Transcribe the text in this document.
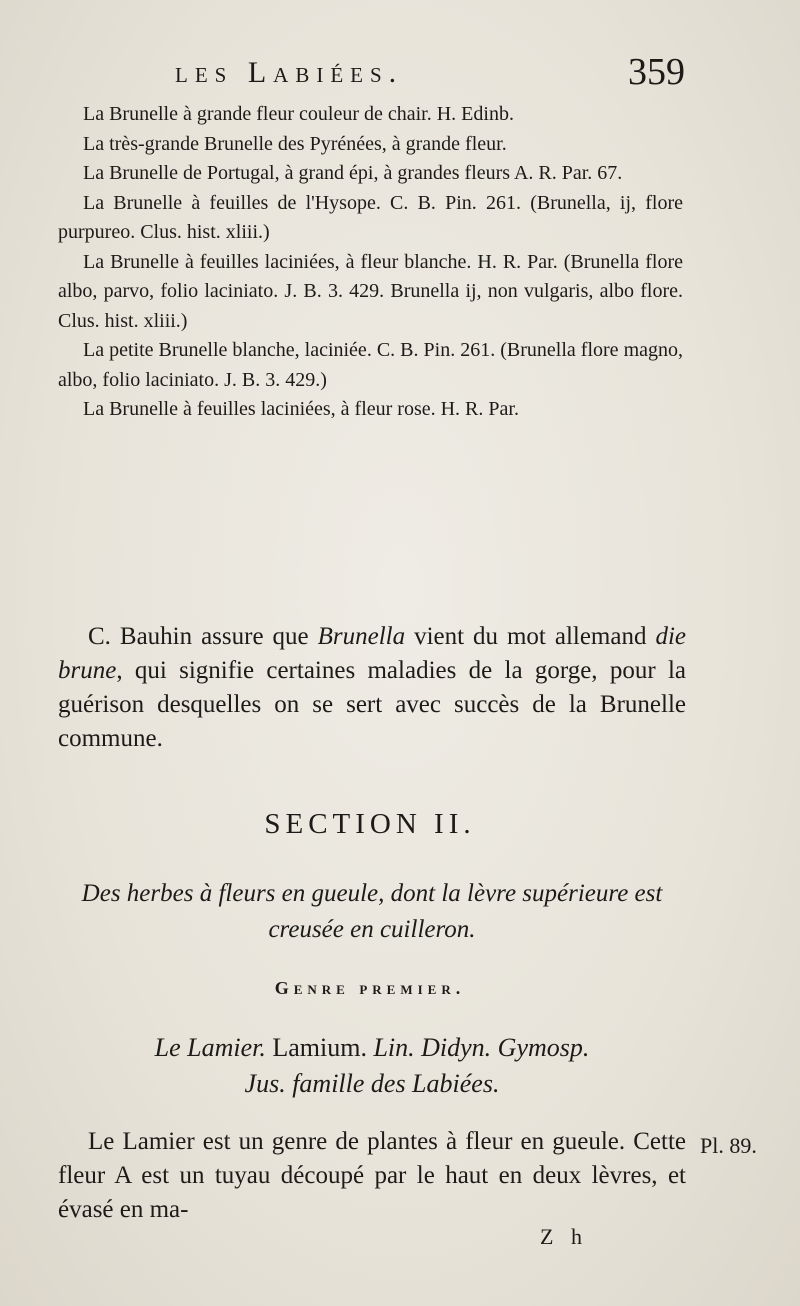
les Labiées.	359

La Brunelle à grande fleur couleur de chair. H. Edinb.

La très-grande Brunelle des Pyrénées, à grande fleur.

La Brunelle de Portugal, à grand épi, à grandes fleurs A. R. Par. 67.

La Brunelle à feuilles de l'Hysope. C. B. Pin. 261. (Brunella, ij, flore purpureo. Clus. hist. xliii.)

La Brunelle à feuilles laciniées, à fleur blanche. H. R. Par. (Brunella flore albo, parvo, folio laciniato. J. B. 3. 429. Brunella ij, non vulgaris, albo flore. Clus. hist. xliii.)

La petite Brunelle blanche, laciniée. C. B. Pin. 261. (Brunella flore magno, albo, folio laciniato. J. B. 3. 429.)

La Brunelle à feuilles laciniées, à fleur rose. H. R. Par.

C. Bauhin assure que Brunella vient du mot allemand die brune, qui signifie certaines maladies de la gorge, pour la guérison desquelles on se sert avec succès de la Brunelle commune.

SECTION II.
Des herbes à fleurs en gueule, dont la lèvre supérieure est creusée en cuilleron.
Genre premier.
Le Lamier. Lamium. Lin. Didyn. Gymosp.
Jus. famille des Labiées.

Le Lamier est un genre de plantes à fleur en gueule. Cette fleur A est un tuyau découpé par le haut en deux lèvres, et évasé en ma-

Pl. 89.
Z h
